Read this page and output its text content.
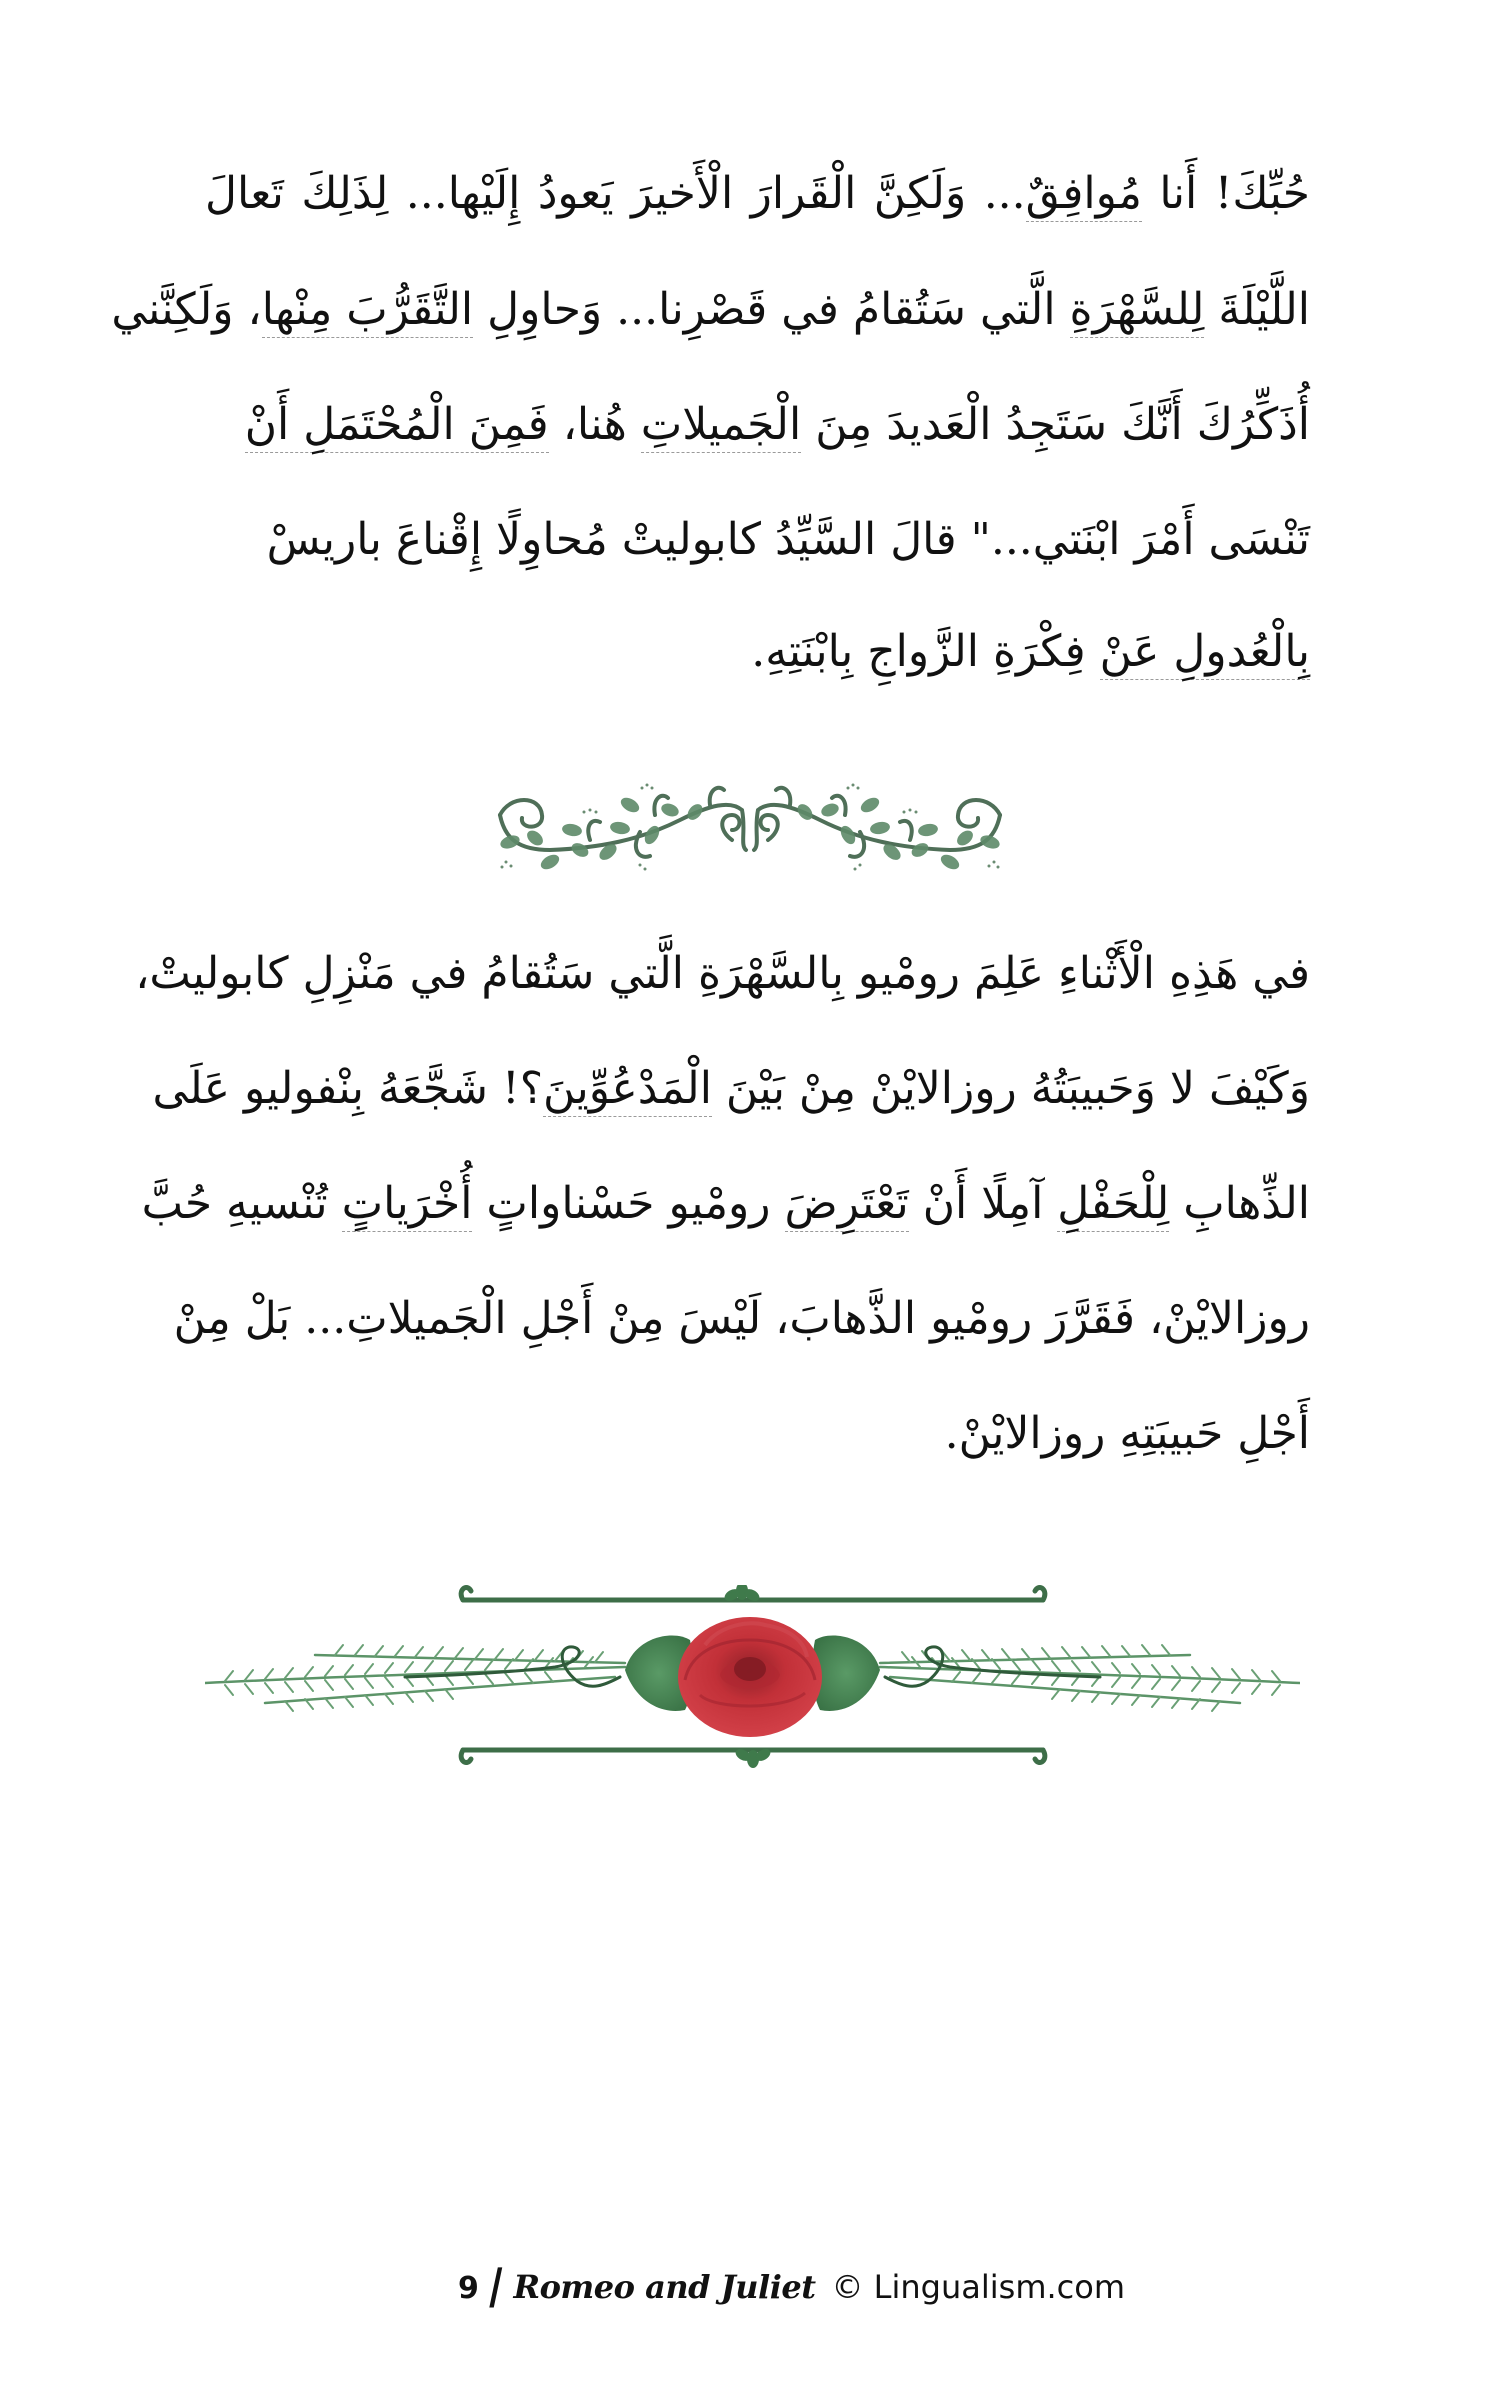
حُبِّكَ! أَنا مُوافِقٌ... وَلَكِنَّ الْقَرارَ الْأَخيرَ يَعودُ إِلَيْها... لِذَلِكَ تَعالَ
اللَّيْلَةَ لِلسَّهْرَةِ الَّتي سَتُقامُ في قَصْرِنا... وَحاوِلِ التَّقَرُّبَ مِنْها، وَلَكِنَّني
أُذَكِّرُكَ أَنَّكَ سَتَجِدُ الْعَديدَ مِنَ الْجَميلاتِ هُنا، فَمِنَ الْمُحْتَمَلِ أَنْ
تَنْسَى أَمْرَ ابْنَتي..." قالَ السَّيِّدُ كابوليتْ مُحاوِلًا إِقْناعَ باريسْ
بِالْعُدولِ عَنْ فِكْرَةِ الزَّواجِ بِابْنَتِهِ.
في هَذِهِ الْأَثْناءِ عَلِمَ رومْيو بِالسَّهْرَةِ الَّتي سَتُقامُ في مَنْزِلِ كابوليتْ،
وَكَيْفَ لا وَحَبيبَتُهُ روزالايْنْ مِنْ بَيْنَ الْمَدْعُوِّينَ؟! شَجَّعَهُ بِنْفوليو عَلَى
الذِّهابِ لِلْحَفْلِ آمِلًا أَنْ تَعْتَرِضَ رومْيو حَسْناواتٍ أُخْرَياتٍ تُنْسيهِ حُبَّ
روزالايْنْ، فَقَرَّرَ رومْيو الذَّهابَ، لَيْسَ مِنْ أَجْلِ الْجَميلاتِ... بَلْ مِنْ
أَجْلِ حَبيبَتِهِ روزالايْنْ.
9 | Romeo and Juliet © Lingualism.com
